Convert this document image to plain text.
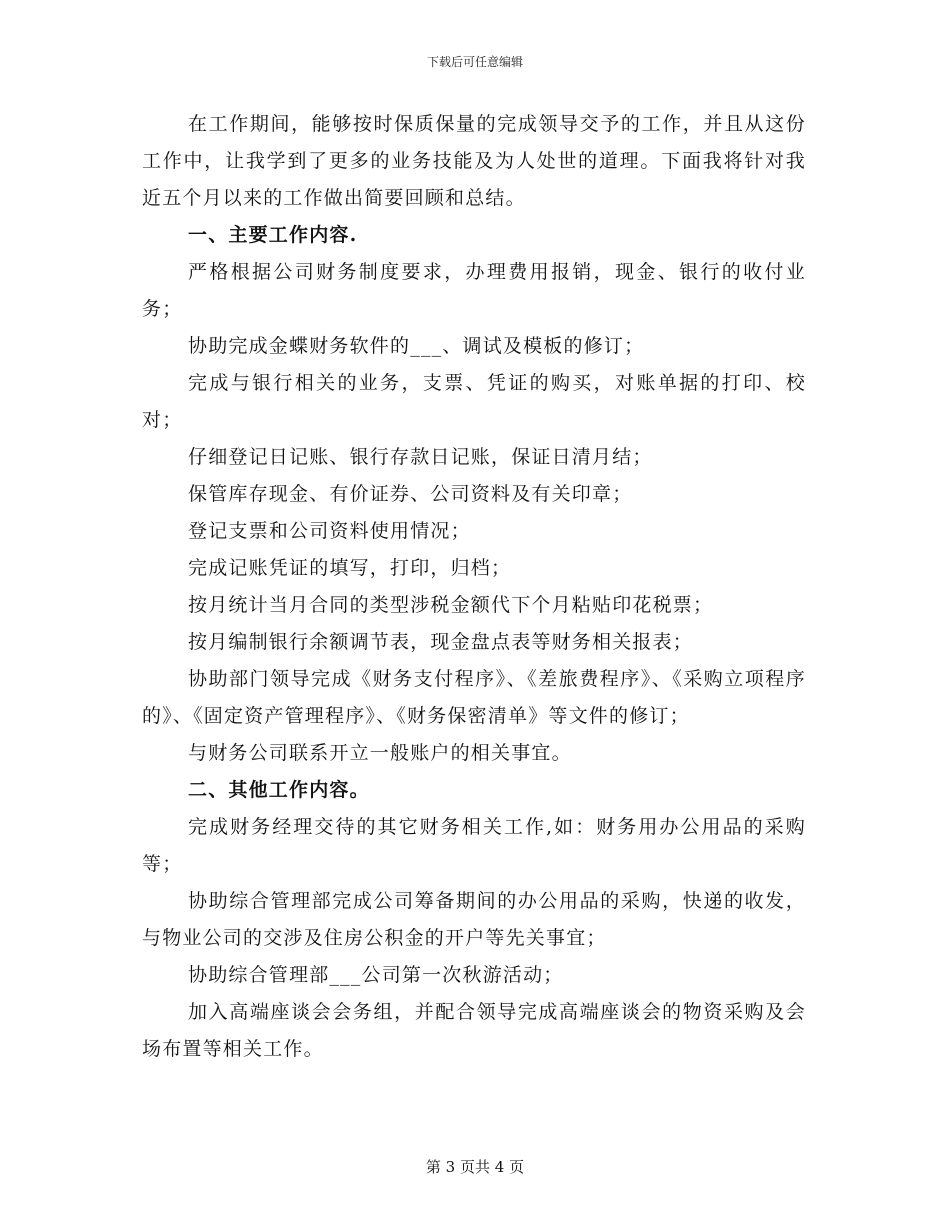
下载后可任意编辑

在工作期间，能够按时保质保量的完成领导交予的工作，并且从这份工作中，让我学到了更多的业务技能及为人处世的道理。下面我将针对我近五个月以来的工作做出简要回顾和总结。

一、主要工作内容.

严格根据公司财务制度要求，办理费用报销，现金、银行的收付业务；

协助完成金蝶财务软件的___、调试及模板的修订；

完成与银行相关的业务，支票、凭证的购买，对账单据的打印、校对；

仔细登记日记账、银行存款日记账，保证日清月结；

保管库存现金、有价证券、公司资料及有关印章；

登记支票和公司资料使用情况；

完成记账凭证的填写，打印，归档；

按月统计当月合同的类型涉税金额代下个月粘贴印花税票；

按月编制银行余额调节表，现金盘点表等财务相关报表；

协助部门领导完成《财务支付程序》、《差旅费程序》、《采购立项程序的》、《固定资产管理程序》、《财务保密清单》等文件的修订；

与财务公司联系开立一般账户的相关事宜。

二、其他工作内容。

完成财务经理交待的其它财务相关工作,如：财务用办公用品的采购等；

协助综合管理部完成公司筹备期间的办公用品的采购，快递的收发，与物业公司的交涉及住房公积金的开户等先关事宜；

协助综合管理部___公司第一次秋游活动；

加入高端座谈会会务组，并配合领导完成高端座谈会的物资采购及会场布置等相关工作。

第 3 页共 4 页
